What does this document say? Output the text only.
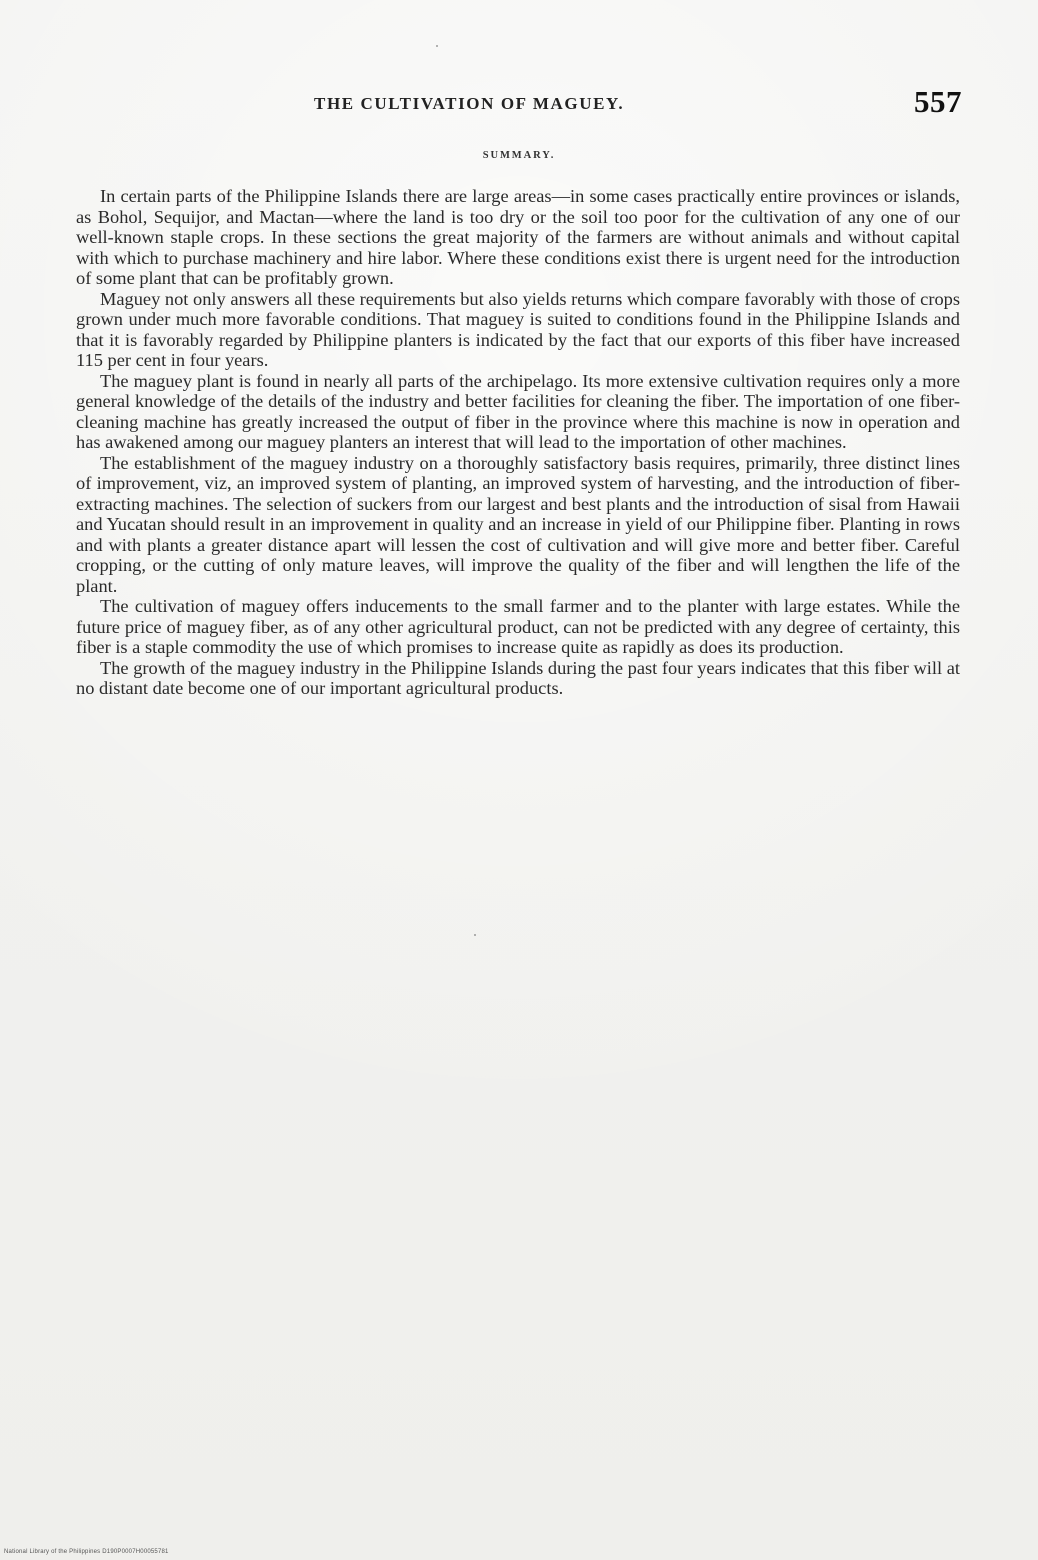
THE CULTIVATION OF MAGUEY.	557
SUMMARY.

In certain parts of the Philippine Islands there are large areas—in some cases practically entire provinces or islands, as Bohol, Sequijor, and Mactan—where the land is too dry or the soil too poor for the cultivation of any one of our well-known staple crops. In these sections the great majority of the farmers are without animals and without capital with which to purchase machinery and hire labor. Where these conditions exist there is urgent need for the introduction of some plant that can be profitably grown.

Maguey not only answers all these requirements but also yields returns which compare favorably with those of crops grown under much more favorable conditions. That maguey is suited to conditions found in the Philippine Islands and that it is favorably regarded by Philippine planters is indicated by the fact that our exports of this fiber have increased 115 per cent in four years.

The maguey plant is found in nearly all parts of the archipelago. Its more extensive cultivation requires only a more general knowledge of the details of the industry and better facilities for cleaning the fiber. The importation of one fiber-cleaning machine has greatly increased the output of fiber in the province where this machine is now in operation and has awakened among our maguey planters an interest that will lead to the importation of other machines.

The establishment of the maguey industry on a thoroughly satisfactory basis requires, primarily, three distinct lines of improvement, viz, an improved system of planting, an improved system of harvesting, and the introduction of fiber-extracting machines. The selection of suckers from our largest and best plants and the introduction of sisal from Hawaii and Yucatan should result in an improvement in quality and an increase in yield of our Philippine fiber. Planting in rows and with plants a greater distance apart will lessen the cost of cultivation and will give more and better fiber. Careful cropping, or the cutting of only mature leaves, will improve the quality of the fiber and will lengthen the life of the plant.

The cultivation of maguey offers inducements to the small farmer and to the planter with large estates. While the future price of maguey fiber, as of any other agricultural product, can not be predicted with any degree of certainty, this fiber is a staple commodity the use of which promises to increase quite as rapidly as does its production.

The growth of the maguey industry in the Philippine Islands during the past four years indicates that this fiber will at no distant date become one of our important agricultural products.

National Library of the Philippines D190P0007H00055781
